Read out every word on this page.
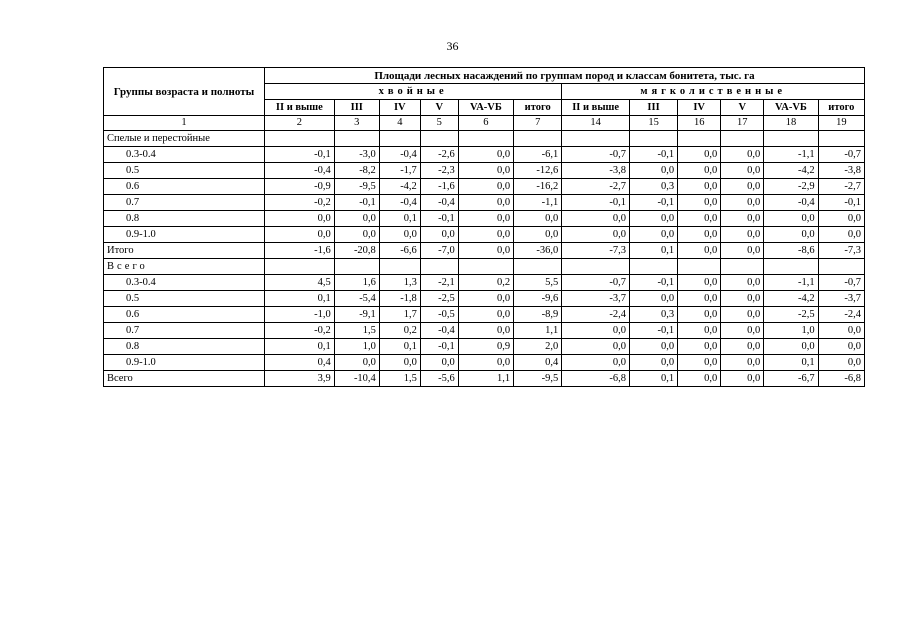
36
Группы возраста и полноты	Площади лесных насаждений по группам пород и классам бонитета, тыс. га											
	хвойные						мягколиственные					
	II и выше	III	IV	V	VA-VБ	итого	II и выше	III	IV	V	VA-VБ	итого
1	2	3	4	5	6	7	14	15	16	17	18	19
Спелые и перестойные												
0.3-0.4	-0,1	-3,0	-0,4	-2,6	0,0	-6,1	-0,7	-0,1	0,0	0,0	-1,1	-0,7
0.5	-0,4	-8,2	-1,7	-2,3	0,0	-12,6	-3,8	0,0	0,0	0,0	-4,2	-3,8
0.6	-0,9	-9,5	-4,2	-1,6	0,0	-16,2	-2,7	0,3	0,0	0,0	-2,9	-2,7
0.7	-0,2	-0,1	-0,4	-0,4	0,0	-1,1	-0,1	-0,1	0,0	0,0	-0,4	-0,1
0.8	0,0	0,0	0,1	-0,1	0,0	0,0	0,0	0,0	0,0	0,0	0,0	0,0
0.9-1.0	0,0	0,0	0,0	0,0	0,0	0,0	0,0	0,0	0,0	0,0	0,0	0,0
Итого	-1,6	-20,8	-6,6	-7,0	0,0	-36,0	-7,3	0,1	0,0	0,0	-8,6	-7,3
Всего												
0.3-0.4	4,5	1,6	1,3	-2,1	0,2	5,5	-0,7	-0,1	0,0	0,0	-1,1	-0,7
0.5	0,1	-5,4	-1,8	-2,5	0,0	-9,6	-3,7	0,0	0,0	0,0	-4,2	-3,7
0.6	-1,0	-9,1	1,7	-0,5	0,0	-8,9	-2,4	0,3	0,0	0,0	-2,5	-2,4
0.7	-0,2	1,5	0,2	-0,4	0,0	1,1	0,0	-0,1	0,0	0,0	1,0	0,0
0.8	0,1	1,0	0,1	-0,1	0,9	2,0	0,0	0,0	0,0	0,0	0,0	0,0
0.9-1.0	0,4	0,0	0,0	0,0	0,0	0,4	0,0	0,0	0,0	0,0	0,1	0,0
Всего	3,9	-10,4	1,5	-5,6	1,1	-9,5	-6,8	0,1	0,0	0,0	-6,7	-6,8
